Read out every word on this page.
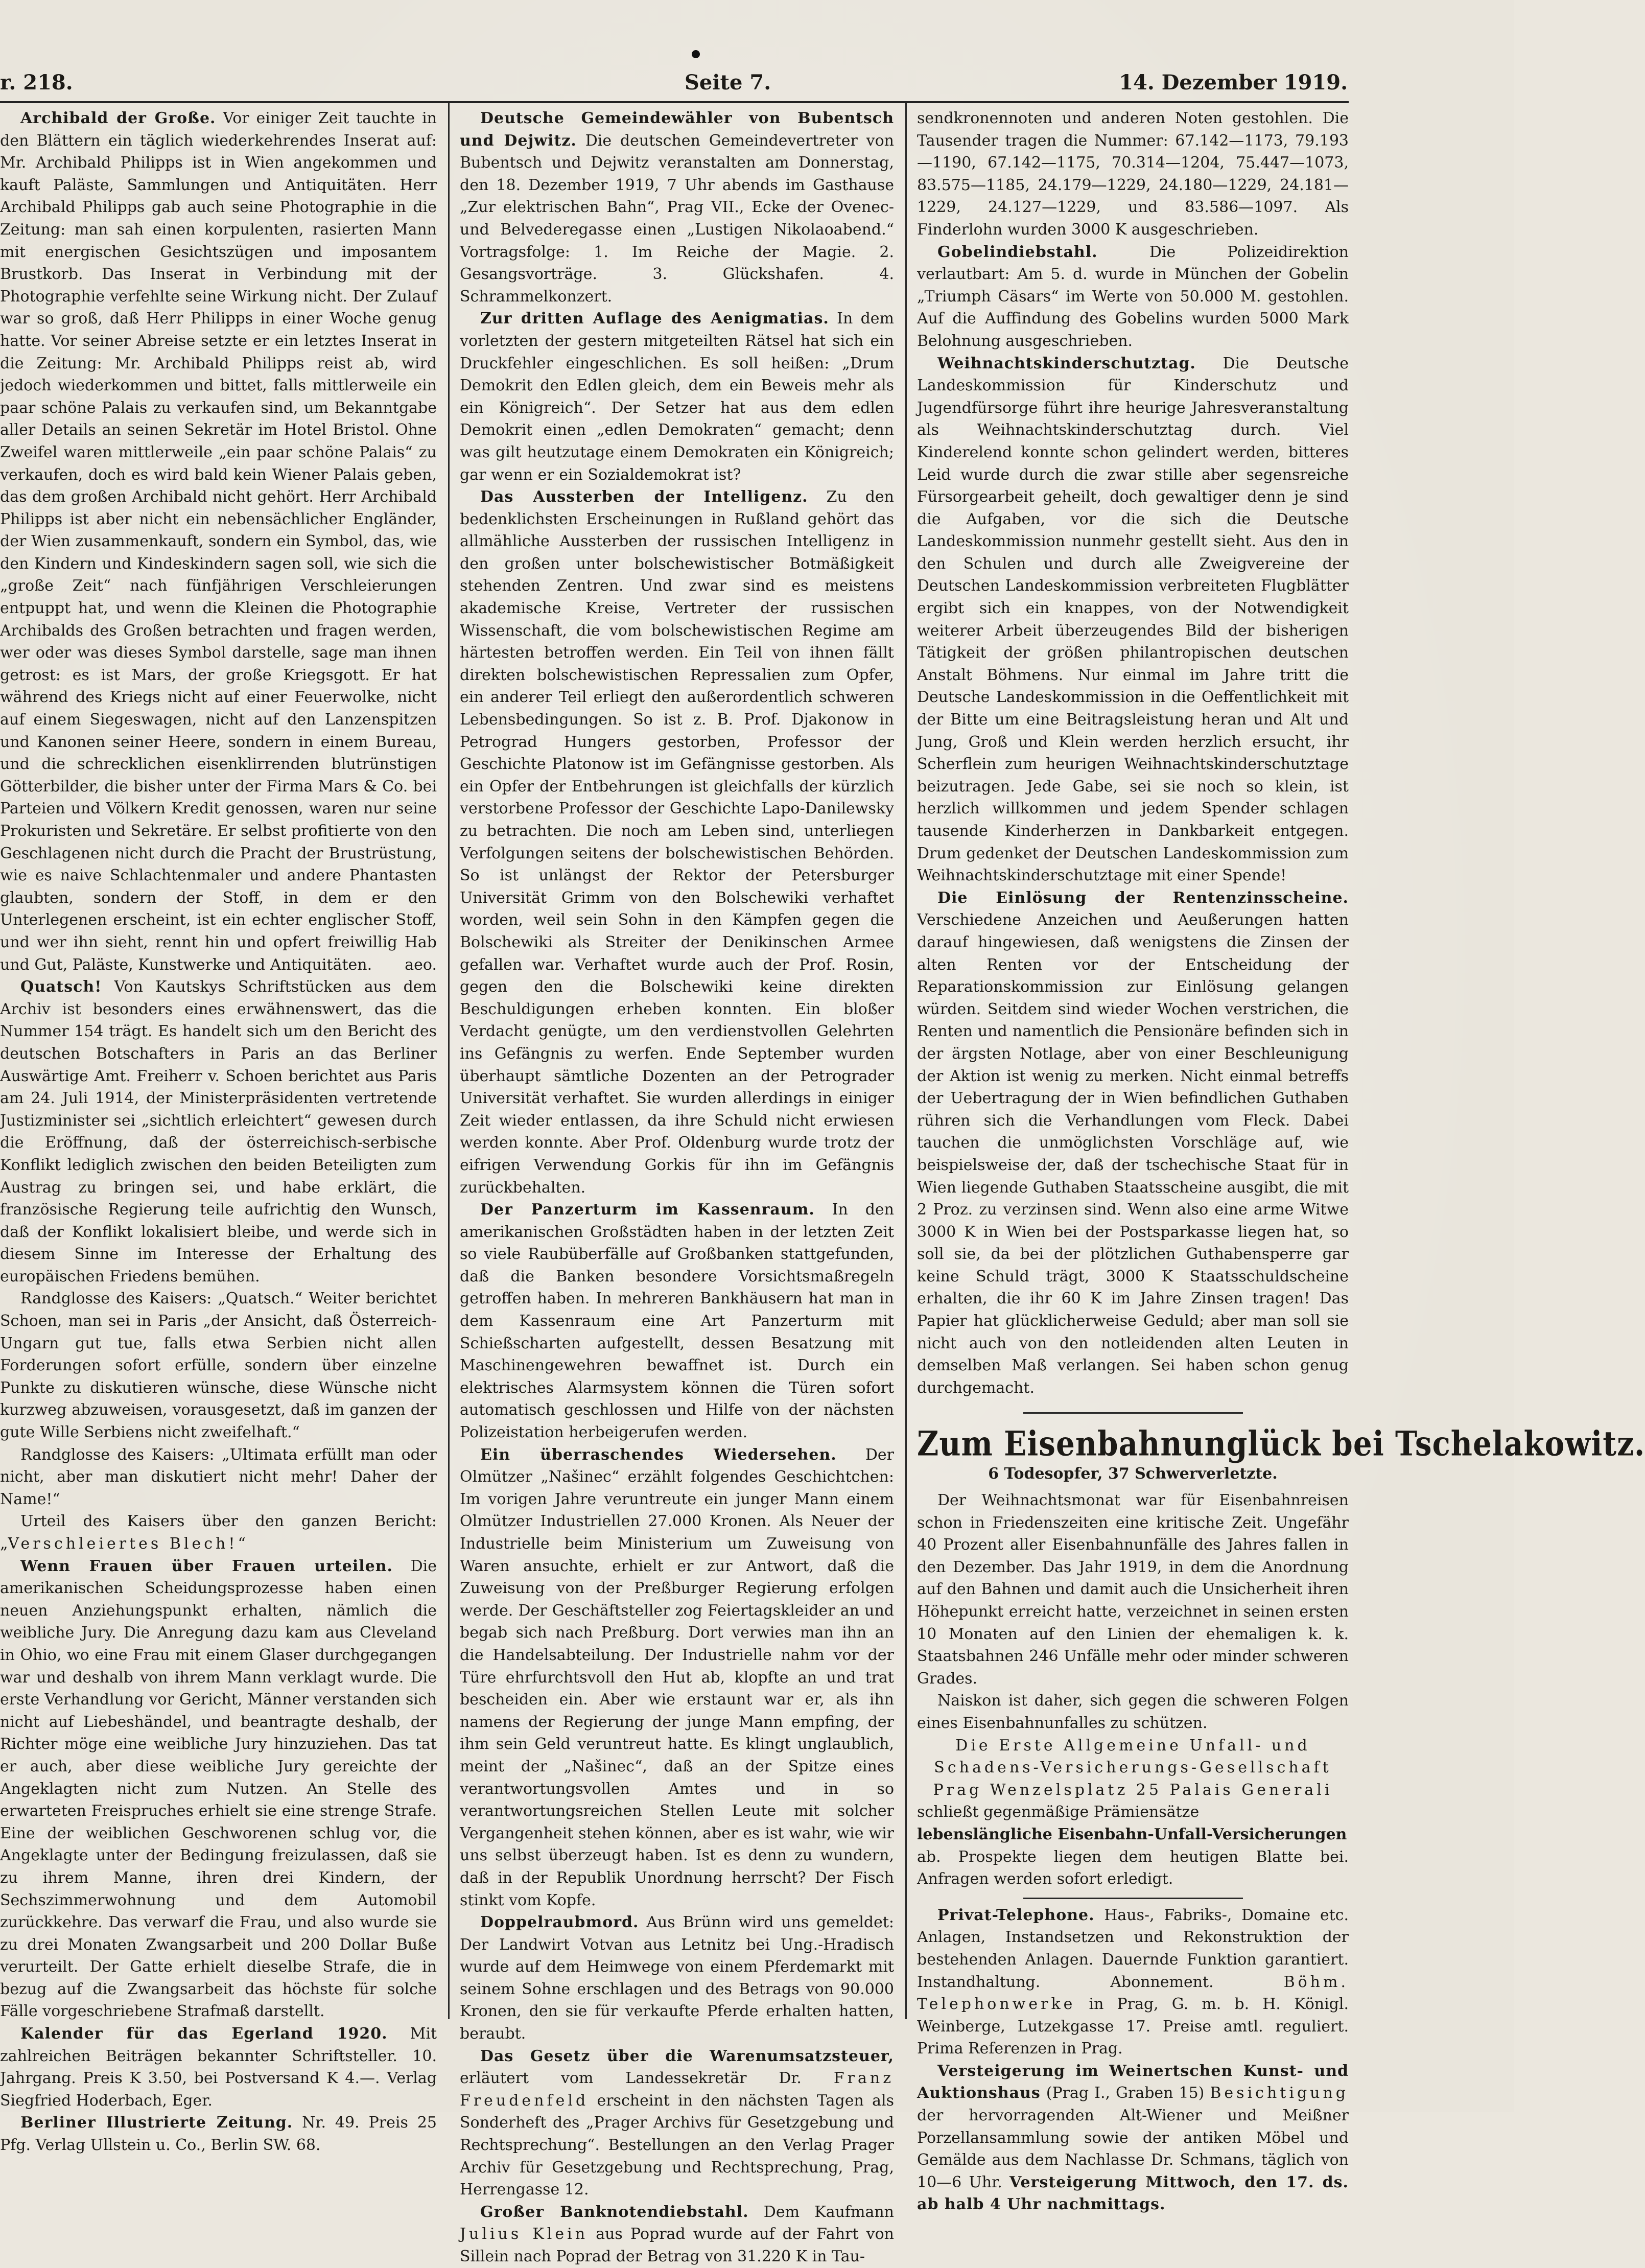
r. 218.	Seite 7.	14. Dezember 1919.

Archibald der Große. Vor einiger Zeit tauchte in den Blättern ein täglich wiederkehrendes Inserat auf: Mr. Archibald Philipps ist in Wien angekommen und kauft Paläste, Sammlungen und Antiquitäten. Herr Archibald Philipps gab auch seine Photographie in die Zeitung: man sah einen korpulenten, rasierten Mann mit energischen Gesichtszügen und imposantem Brustkorb. Das Inserat in Verbindung mit der Photographie verfehlte seine Wirkung nicht. Der Zulauf war so groß, daß Herr Philipps in einer Woche genug hatte. Vor seiner Abreise setzte er ein letztes Inserat in die Zeitung: Mr. Archibald Philipps reist ab, wird jedoch wiederkommen und bittet, falls mittlerweile ein paar schöne Palais zu verkaufen sind, um Bekanntgabe aller Details an seinen Sekretär im Hotel Bristol. Ohne Zweifel waren mittlerweile „ein paar schöne Palais“ zu verkaufen, doch es wird bald kein Wiener Palais geben, das dem großen Archibald nicht gehört. Herr Archibald Philipps ist aber nicht ein nebensächlicher Engländer, der Wien zusammenkauft, sondern ein Symbol, das, wie den Kindern und Kindeskindern sagen soll, wie sich die „große Zeit“ nach fünfjährigen Verschleierungen entpuppt hat, und wenn die Kleinen die Photographie Archibalds des Großen betrachten und fragen werden, wer oder was dieses Symbol darstelle, sage man ihnen getrost: es ist Mars, der große Kriegsgott. Er hat während des Kriegs nicht auf einer Feuerwolke, nicht auf einem Siegeswagen, nicht auf den Lanzenspitzen und Kanonen seiner Heere, sondern in einem Bureau, und die schrecklichen eisenklirrenden blutrünstigen Götterbilder, die bisher unter der Firma Mars & Co. bei Parteien und Völkern Kredit genossen, waren nur seine Prokuristen und Sekretäre. Er selbst profitierte von den Geschlagenen nicht durch die Pracht der Brustrüstung, wie es naive Schlachtenmaler und andere Phantasten glaubten, sondern der Stoff, in dem er den Unterlegenen erscheint, ist ein echter englischer Stoff, und wer ihn sieht, rennt hin und opfert freiwillig Hab und Gut, Paläste, Kunstwerke und Antiquitäten.	aeo.

Quatsch! Von Kautskys Schriftstücken aus dem Archiv ist besonders eines erwähnenswert, das die Nummer 154 trägt. Es handelt sich um den Bericht des deutschen Botschafters in Paris an das Berliner Auswärtige Amt. Freiherr v. Schoen berichtet aus Paris am 24. Juli 1914, der Ministerpräsidenten vertretende Justizminister sei „sichtlich erleichtert“ gewesen durch die Eröffnung, daß der österreichisch-serbische Konflikt lediglich zwischen den beiden Beteiligten zum Austrag zu bringen sei, und habe erklärt, die französische Regierung teile aufrichtig den Wunsch, daß der Konflikt lokalisiert bleibe, und werde sich in diesem Sinne im Interesse der Erhaltung des europäischen Friedens bemühen.

Randglosse des Kaisers: „Quatsch.“ Weiter berichtet Schoen, man sei in Paris „der Ansicht, daß Österreich-Ungarn gut tue, falls etwa Serbien nicht allen Forderungen sofort erfülle, sondern über einzelne Punkte zu diskutieren wünsche, diese Wünsche nicht kurzweg abzuweisen, vorausgesetzt, daß im ganzen der gute Wille Serbiens nicht zweifelhaft.“

Randglosse des Kaisers: „Ultimata erfüllt man oder nicht, aber man diskutiert nicht mehr! Daher der Name!“

Urteil des Kaisers über den ganzen Bericht: „Verschleiertes Blech!“

Wenn Frauen über Frauen urteilen. Die amerikanischen Scheidungsprozesse haben einen neuen Anziehungspunkt erhalten, nämlich die weibliche Jury. Die Anregung dazu kam aus Cleveland in Ohio, wo eine Frau mit einem Glaser durchgegangen war und deshalb von ihrem Mann verklagt wurde. Die erste Verhandlung vor Gericht, Männer verstanden sich nicht auf Liebeshändel, und beantragte deshalb, der Richter möge eine weibliche Jury hinzuziehen. Das tat er auch, aber diese weibliche Jury gereichte der Angeklagten nicht zum Nutzen. An Stelle des erwarteten Freispruches erhielt sie eine strenge Strafe. Eine der weiblichen Geschworenen schlug vor, die Angeklagte unter der Bedingung freizulassen, daß sie zu ihrem Manne, ihren drei Kindern, der Sechszimmerwohnung und dem Automobil zurückkehre. Das verwarf die Frau, und also wurde sie zu drei Monaten Zwangsarbeit und 200 Dollar Buße verurteilt. Der Gatte erhielt dieselbe Strafe, die in bezug auf die Zwangsarbeit das höchste für solche Fälle vorgeschriebene Strafmaß darstellt.

Kalender für das Egerland 1920. Mit zahlreichen Beiträgen bekannter Schriftsteller. 10. Jahrgang. Preis K 3.50, bei Postversand K 4.—. Verlag Siegfried Hoderbach, Eger.

Berliner Illustrierte Zeitung. Nr. 49. Preis 25 Pfg. Verlag Ullstein u. Co., Berlin SW. 68.

Deutsche Gemeindewähler von Bubentsch und Dejwitz. Die deutschen Gemeindevertreter von Bubentsch und Dejwitz veranstalten am Donnerstag, den 18. Dezember 1919, 7 Uhr abends im Gasthause „Zur elektrischen Bahn“, Prag VII., Ecke der Ovenec- und Belvederegasse einen „Lustigen Nikolaoabend.“ Vortragsfolge: 1. Im Reiche der Magie. 2. Gesangsvorträge. 3. Glückshafen. 4. Schrammelkonzert.

Zur dritten Auflage des Aenigmatias. In dem vorletzten der gestern mitgeteilten Rätsel hat sich ein Druckfehler eingeschlichen. Es soll heißen: „Drum Demokrit den Edlen gleich, dem ein Beweis mehr als ein Königreich“. Der Setzer hat aus dem edlen Demokrit einen „edlen Demokraten“ gemacht; denn was gilt heutzutage einem Demokraten ein Königreich; gar wenn er ein Sozialdemokrat ist?

Das Aussterben der Intelligenz. Zu den bedenklichsten Erscheinungen in Rußland gehört das allmähliche Aussterben der russischen Intelligenz in den großen unter bolschewistischer Botmäßigkeit stehenden Zentren. Und zwar sind es meistens akademische Kreise, Vertreter der russischen Wissenschaft, die vom bolschewistischen Regime am härtesten betroffen werden. Ein Teil von ihnen fällt direkten bolschewistischen Repressalien zum Opfer, ein anderer Teil erliegt den außerordentlich schweren Lebensbedingungen. So ist z. B. Prof. Djakonow in Petrograd Hungers gestorben, Professor der Geschichte Platonow ist im Gefängnisse gestorben. Als ein Opfer der Entbehrungen ist gleichfalls der kürzlich verstorbene Professor der Geschichte Lapo-Danilewsky zu betrachten. Die noch am Leben sind, unterliegen Verfolgungen seitens der bolschewistischen Behörden. So ist unlängst der Rektor der Petersburger Universität Grimm von den Bolschewiki verhaftet worden, weil sein Sohn in den Kämpfen gegen die Bolschewiki als Streiter der Denikinschen Armee gefallen war. Verhaftet wurde auch der Prof. Rosin, gegen den die Bolschewiki keine direkten Beschuldigungen erheben konnten. Ein bloßer Verdacht genügte, um den verdienstvollen Gelehrten ins Gefängnis zu werfen. Ende September wurden überhaupt sämtliche Dozenten an der Petrograder Universität verhaftet. Sie wurden allerdings in einiger Zeit wieder entlassen, da ihre Schuld nicht erwiesen werden konnte. Aber Prof. Oldenburg wurde trotz der eifrigen Verwendung Gorkis für ihn im Gefängnis zurückbehalten.

Der Panzerturm im Kassenraum. In den amerikanischen Großstädten haben in der letzten Zeit so viele Raubüberfälle auf Großbanken stattgefunden, daß die Banken besondere Vorsichtsmaßregeln getroffen haben. In mehreren Bankhäusern hat man in dem Kassenraum eine Art Panzerturm mit Schießscharten aufgestellt, dessen Besatzung mit Maschinengewehren bewaffnet ist. Durch ein elektrisches Alarmsystem können die Türen sofort automatisch geschlossen und Hilfe von der nächsten Polizeistation herbeigerufen werden.

Ein überraschendes Wiedersehen. Der Olmützer „Našinec“ erzählt folgendes Geschichtchen: Im vorigen Jahre veruntreute ein junger Mann einem Olmützer Industriellen 27.000 Kronen. Als Neuer der Industrielle beim Ministerium um Zuweisung von Waren ansuchte, erhielt er zur Antwort, daß die Zuweisung von der Preßburger Regierung erfolgen werde. Der Geschäftsteller zog Feiertagskleider an und begab sich nach Preßburg. Dort verwies man ihn an die Handelsabteilung. Der Industrielle nahm vor der Türe ehrfurchtsvoll den Hut ab, klopfte an und trat bescheiden ein. Aber wie erstaunt war er, als ihn namens der Regierung der junge Mann empfing, der ihm sein Geld veruntreut hatte. Es klingt unglaublich, meint der „Našinec“, daß an der Spitze eines verantwortungsvollen Amtes und in so verantwortungsreichen Stellen Leute mit solcher Vergangenheit stehen können, aber es ist wahr, wie wir uns selbst überzeugt haben. Ist es denn zu wundern, daß in der Republik Unordnung herrscht? Der Fisch stinkt vom Kopfe.

Doppelraubmord. Aus Brünn wird uns gemeldet: Der Landwirt Votvan aus Letnitz bei Ung.-Hradisch wurde auf dem Heimwege von einem Pferdemarkt mit seinem Sohne erschlagen und des Betrags von 90.000 Kronen, den sie für verkaufte Pferde erhalten hatten, beraubt.

Das Gesetz über die Warenumsatzsteuer, erläutert vom Landessekretär Dr. Franz Freudenfeld erscheint in den nächsten Tagen als Sonderheft des „Prager Archivs für Gesetzgebung und Rechtsprechung“. Bestellungen an den Verlag Prager Archiv für Gesetzgebung und Rechtsprechung, Prag, Herrengasse 12.

Großer Banknotendiebstahl. Dem Kaufmann Julius Klein aus Poprad wurde auf der Fahrt von Sillein nach Poprad der Betrag von 31.220 K in Tau-

sendkronennoten und anderen Noten gestohlen. Die Tausender tragen die Nummer: 67.142—1173, 79.193—1190, 67.142—1175, 70.314—1204, 75.447—1073, 83.575—1185, 24.179—1229, 24.180—1229, 24.181—1229, 24.127—1229, und 83.586—1097. Als Finderlohn wurden 3000 K ausgeschrieben.

Gobelindiebstahl. Die Polizeidirektion verlautbart: Am 5. d. wurde in München der Gobelin „Triumph Cäsars“ im Werte von 50.000 M. gestohlen. Auf die Auffindung des Gobelins wurden 5000 Mark Belohnung ausgeschrieben.

Weihnachtskinderschutztag. Die Deutsche Landeskommission für Kinderschutz und Jugendfürsorge führt ihre heurige Jahresveranstaltung als Weihnachtskinderschutztag durch. Viel Kinderelend konnte schon gelindert werden, bitteres Leid wurde durch die zwar stille aber segensreiche Fürsorgearbeit geheilt, doch gewaltiger denn je sind die Aufgaben, vor die sich die Deutsche Landeskommission nunmehr gestellt sieht. Aus den in den Schulen und durch alle Zweigvereine der Deutschen Landeskommission verbreiteten Flugblätter ergibt sich ein knappes, von der Notwendigkeit weiterer Arbeit überzeugendes Bild der bisherigen Tätigkeit der größen philantropischen deutschen Anstalt Böhmens. Nur einmal im Jahre tritt die Deutsche Landeskommission in die Oeffentlichkeit mit der Bitte um eine Beitragsleistung heran und Alt und Jung, Groß und Klein werden herzlich ersucht, ihr Scherflein zum heurigen Weihnachtskinderschutztage beizutragen. Jede Gabe, sei sie noch so klein, ist herzlich willkommen und jedem Spender schlagen tausende Kinderherzen in Dankbarkeit entgegen. Drum gedenket der Deutschen Landeskommission zum Weihnachtskinderschutztage mit einer Spende!

Die Einlösung der Rentenzinsscheine. Verschiedene Anzeichen und Aeußerungen hatten darauf hingewiesen, daß wenigstens die Zinsen der alten Renten vor der Entscheidung der Reparationskommission zur Einlösung gelangen würden. Seitdem sind wieder Wochen verstrichen, die Renten und namentlich die Pensionäre befinden sich in der ärgsten Notlage, aber von einer Beschleunigung der Aktion ist wenig zu merken. Nicht einmal betreffs der Uebertragung der in Wien befindlichen Guthaben rühren sich die Verhandlungen vom Fleck. Dabei tauchen die unmöglichsten Vorschläge auf, wie beispielsweise der, daß der tschechische Staat für in Wien liegende Guthaben Staatsscheine ausgibt, die mit 2 Proz. zu verzinsen sind. Wenn also eine arme Witwe 3000 K in Wien bei der Postsparkasse liegen hat, so soll sie, da bei der plötzlichen Guthabensperre gar keine Schuld trägt, 3000 K Staatsschuldscheine erhalten, die ihr 60 K im Jahre Zinsen tragen! Das Papier hat glücklicherweise Geduld; aber man soll sie nicht auch von den notleidenden alten Leuten in demselben Maß verlangen. Sei haben schon genug durchgemacht.

Zum Eisenbahnunglück bei Tschelakowitz.
6 Todesopfer, 37 Schwerverletzte.

Der Weihnachtsmonat war für Eisenbahnreisen schon in Friedenszeiten eine kritische Zeit. Ungefähr 40 Prozent aller Eisenbahnunfälle des Jahres fallen in den Dezember. Das Jahr 1919, in dem die Anordnung auf den Bahnen und damit auch die Unsicherheit ihren Höhepunkt erreicht hatte, verzeichnet in seinen ersten 10 Monaten auf den Linien der ehemaligen k. k. Staatsbahnen 246 Unfälle mehr oder minder schweren Grades.

Naiskon ist daher, sich gegen die schweren Folgen eines Eisenbahnunfalles zu schützen.

Die Erste Allgemeine Unfall- und

Schadens-Versicherungs-Gesellschaft

Prag Wenzelsplatz 25 Palais Generali

schließt gegenmäßige Prämiensätze

lebenslängliche Eisenbahn-Unfall-Versicherungen

ab. Prospekte liegen dem heutigen Blatte bei. Anfragen werden sofort erledigt.

Privat-Telephone. Haus-, Fabriks-, Domaine etc. Anlagen, Instandsetzen und Rekonstruktion der bestehenden Anlagen. Dauernde Funktion garantiert. Instandhaltung. Abonnement. Böhm. Telephonwerke in Prag, G. m. b. H. Königl. Weinberge, Lutzekgasse 17. Preise amtl. reguliert. Prima Referenzen in Prag.

Versteigerung im Weinertschen Kunst- und Auktionshaus (Prag I., Graben 15) Besichtigung der hervorragenden Alt-Wiener und Meißner Porzellansammlung sowie der antiken Möbel und Gemälde aus dem Nachlasse Dr. Schmans, täglich von 10—6 Uhr. Versteigerung Mittwoch, den 17. ds. ab halb 4 Uhr nachmittags.
